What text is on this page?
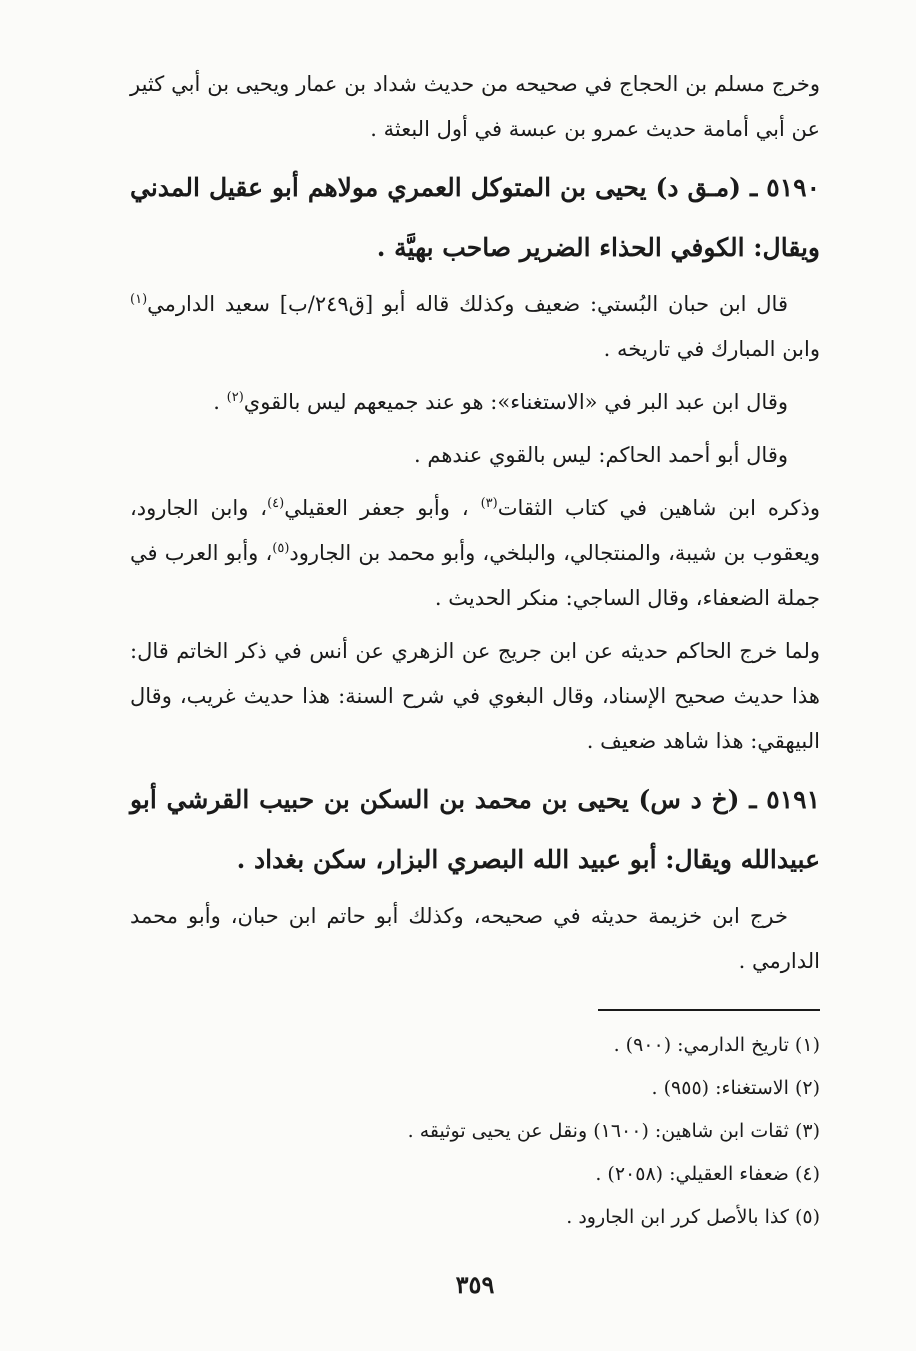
وخرج مسلم بن الحجاج في صحيحه من حديث شداد بن عمار ويحيى بن أبي كثير عن أبي أمامة حديث عمرو بن عبسة في أول البعثة .

٥١٩٠ ـ (مـق د) يحيى بن المتوكل العمري مولاهم أبو عقيل المدني ويقال: الكوفي الحذاء الضرير صاحب بهيَّة .

قال ابن حبان البُستي: ضعيف وكذلك قاله أبو [ق٢٤٩/ب] سعيد الدارمي$^{(١)}$ وابن المبارك في تاريخه .

وقال ابن عبد البر في «الاستغناء»: هو عند جميعهم ليس بالقوي$^{(٢)}$ .

وقال أبو أحمد الحاكم: ليس بالقوي عندهم .

وذكره ابن شاهين في كتاب الثقات$^{(٣)}$ ، وأبو جعفر العقيلي$^{(٤)}$، وابن الجارود، ويعقوب بن شيبة، والمنتجالي، والبلخي، وأبو محمد بن الجارود$^{(٥)}$، وأبو العرب في جملة الضعفاء، وقال الساجي: منكر الحديث .

ولما خرج الحاكم حديثه عن ابن جريج عن الزهري عن أنس في ذكر الخاتم قال: هذا حديث صحيح الإسناد، وقال البغوي في شرح السنة: هذا حديث غريب، وقال البيهقي: هذا شاهد ضعيف .

٥١٩١ ـ (خ د س) يحيى بن محمد بن السكن بن حبيب القرشي أبو عبيدالله ويقال: أبو عبيد الله البصري البزار، سكن بغداد .

خرج ابن خزيمة حديثه في صحيحه، وكذلك أبو حاتم ابن حبان، وأبو محمد الدارمي .

(١) تاريخ الدارمي: (٩٠٠) .

(٢) الاستغناء: (٩٥٥) .

(٣) ثقات ابن شاهين: (١٦٠٠) ونقل عن يحيى توثيقه .

(٤) ضعفاء العقيلي: (٢٠٥٨) .

(٥) كذا بالأصل كرر ابن الجارود .

٣٥٩
